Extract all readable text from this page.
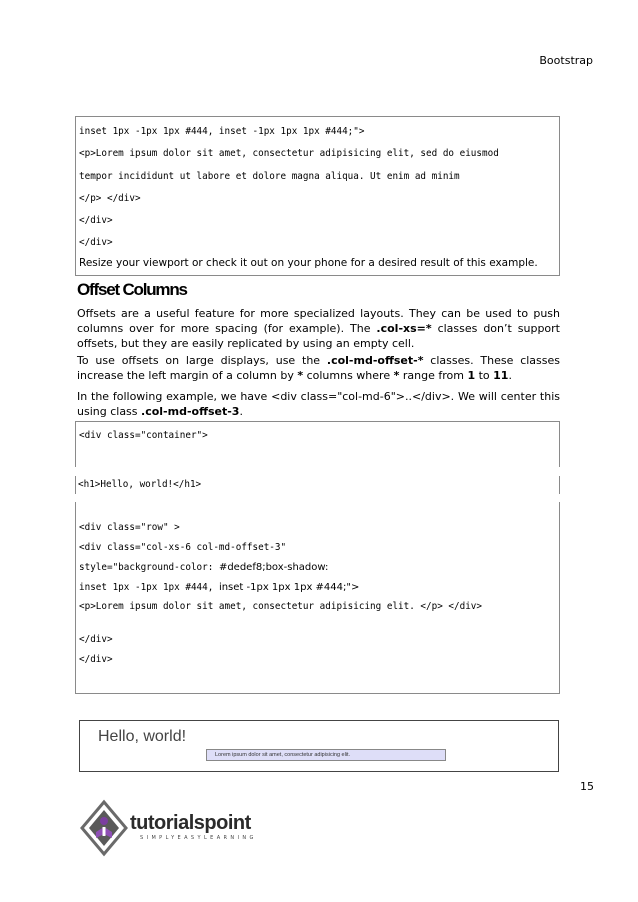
Bootstrap
inset 1px -1px 1px #444, inset -1px 1px 1px #444;">
<p>Lorem ipsum dolor sit amet, consectetur adipisicing elit, sed do eiusmod
tempor incididunt ut labore et dolore magna aliqua. Ut enim ad minim
</p> </div>
</div>
</div>
Resize your viewport or check it out on your phone for a desired result of this example.
Offset Columns
Offsets are a useful feature for more specialized layouts. They can be used to push columns over for more spacing (for example). The .col-xs=* classes don’t support offsets, but they are easily replicated by using an empty cell.
To use offsets on large displays, use the .col-md-offset-* classes. These classes increase the left margin of a column by * columns where * range from 1 to 11.
In the following example, we have <div class="col-md-6">..</div>. We will center this using class .col-md-offset-3.
<div class="container">
<h1>Hello, world!</h1>
<div class="row" >
<div class="col-xs-6 col-md-offset-3"
style="background-color: #dedef8;box-shadow:
inset 1px -1px 1px #444, inset -1px 1px 1px #444;">
<p>Lorem ipsum dolor sit amet, consectetur adipisicing elit. </p> </div>
</div>
</div>
Hello, world!
Lorem ipsum dolor sit amet, consectetur adipisicing elit.
15
tutorialspoint
SIMPLYEASYLEARNING
